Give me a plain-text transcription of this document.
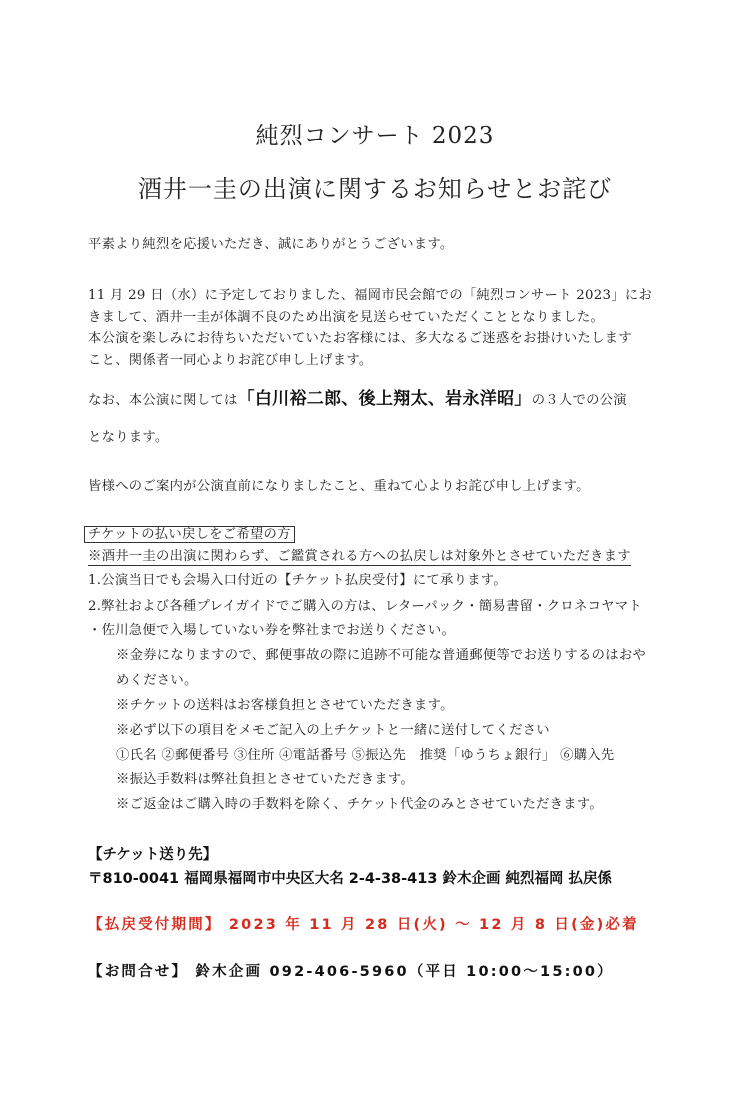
純烈コンサート 2023
酒井一圭の出演に関するお知らせとお詫び
平素より純烈を応援いただき、誠にありがとうございます。
11 月 29 日（水）に予定しておりました、福岡市民会館での「純烈コンサート 2023」にお
きまして、酒井一圭が体調不良のため出演を見送らせていただくこととなりました。
本公演を楽しみにお待ちいただいていたお客様には、多大なるご迷惑をお掛けいたします
こと、関係者一同心よりお詫び申し上げます。
なお、本公演に関しては「白川裕二郎、後上翔太、岩永洋昭」の３人での公演
となります。
皆様へのご案内が公演直前になりましたこと、重ねて心よりお詫び申し上げます。
チケットの払い戻しをご希望の方
※酒井一圭の出演に関わらず、ご鑑賞される方への払戻しは対象外とさせていただきます
1.公演当日でも会場入口付近の【チケット払戻受付】にて承ります。
2.弊社および各種プレイガイドでご購入の方は、レターパック・簡易書留・クロネコヤマト
・佐川急便で入場していない券を弊社までお送りください。
※金券になりますので、郵便事故の際に追跡不可能な普通郵便等でお送りするのはおや
めください。
※チケットの送料はお客様負担とさせていただきます。
※必ず以下の項目をメモご記入の上チケットと一緒に送付してください
①氏名 ②郵便番号 ③住所 ④電話番号 ⑤振込先　推奨「ゆうちょ銀行」 ⑥購入先
※振込手数料は弊社負担とさせていただきます。
※ご返金はご購入時の手数料を除く、チケット代金のみとさせていただきます。
【チケット送り先】
〒810-0041 福岡県福岡市中央区大名 2-4-38-413 鈴木企画 純烈福岡 払戻係
【払戻受付期間】 2023 年 11 月 28 日(火) ～ 12 月 8 日(金)必着
【お問合せ】 鈴木企画 092-406-5960（平日 10:00～15:00）
